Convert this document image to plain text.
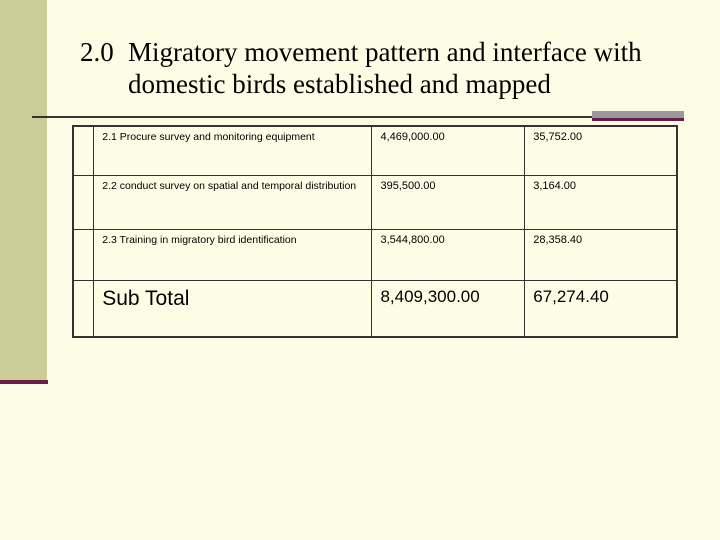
2.0 Migratory movement pattern and interface with
domestic birds established and mapped
	2.1 Procure survey and monitoring equipment	4,469,000.00	35,752.00
	2.2 conduct survey on spatial and temporal distribution	395,500.00	3,164.00
	2.3 Training in migratory bird identification	3,544,800.00	28,358.40
	Sub Total	8,409,300.00	67,274.40
